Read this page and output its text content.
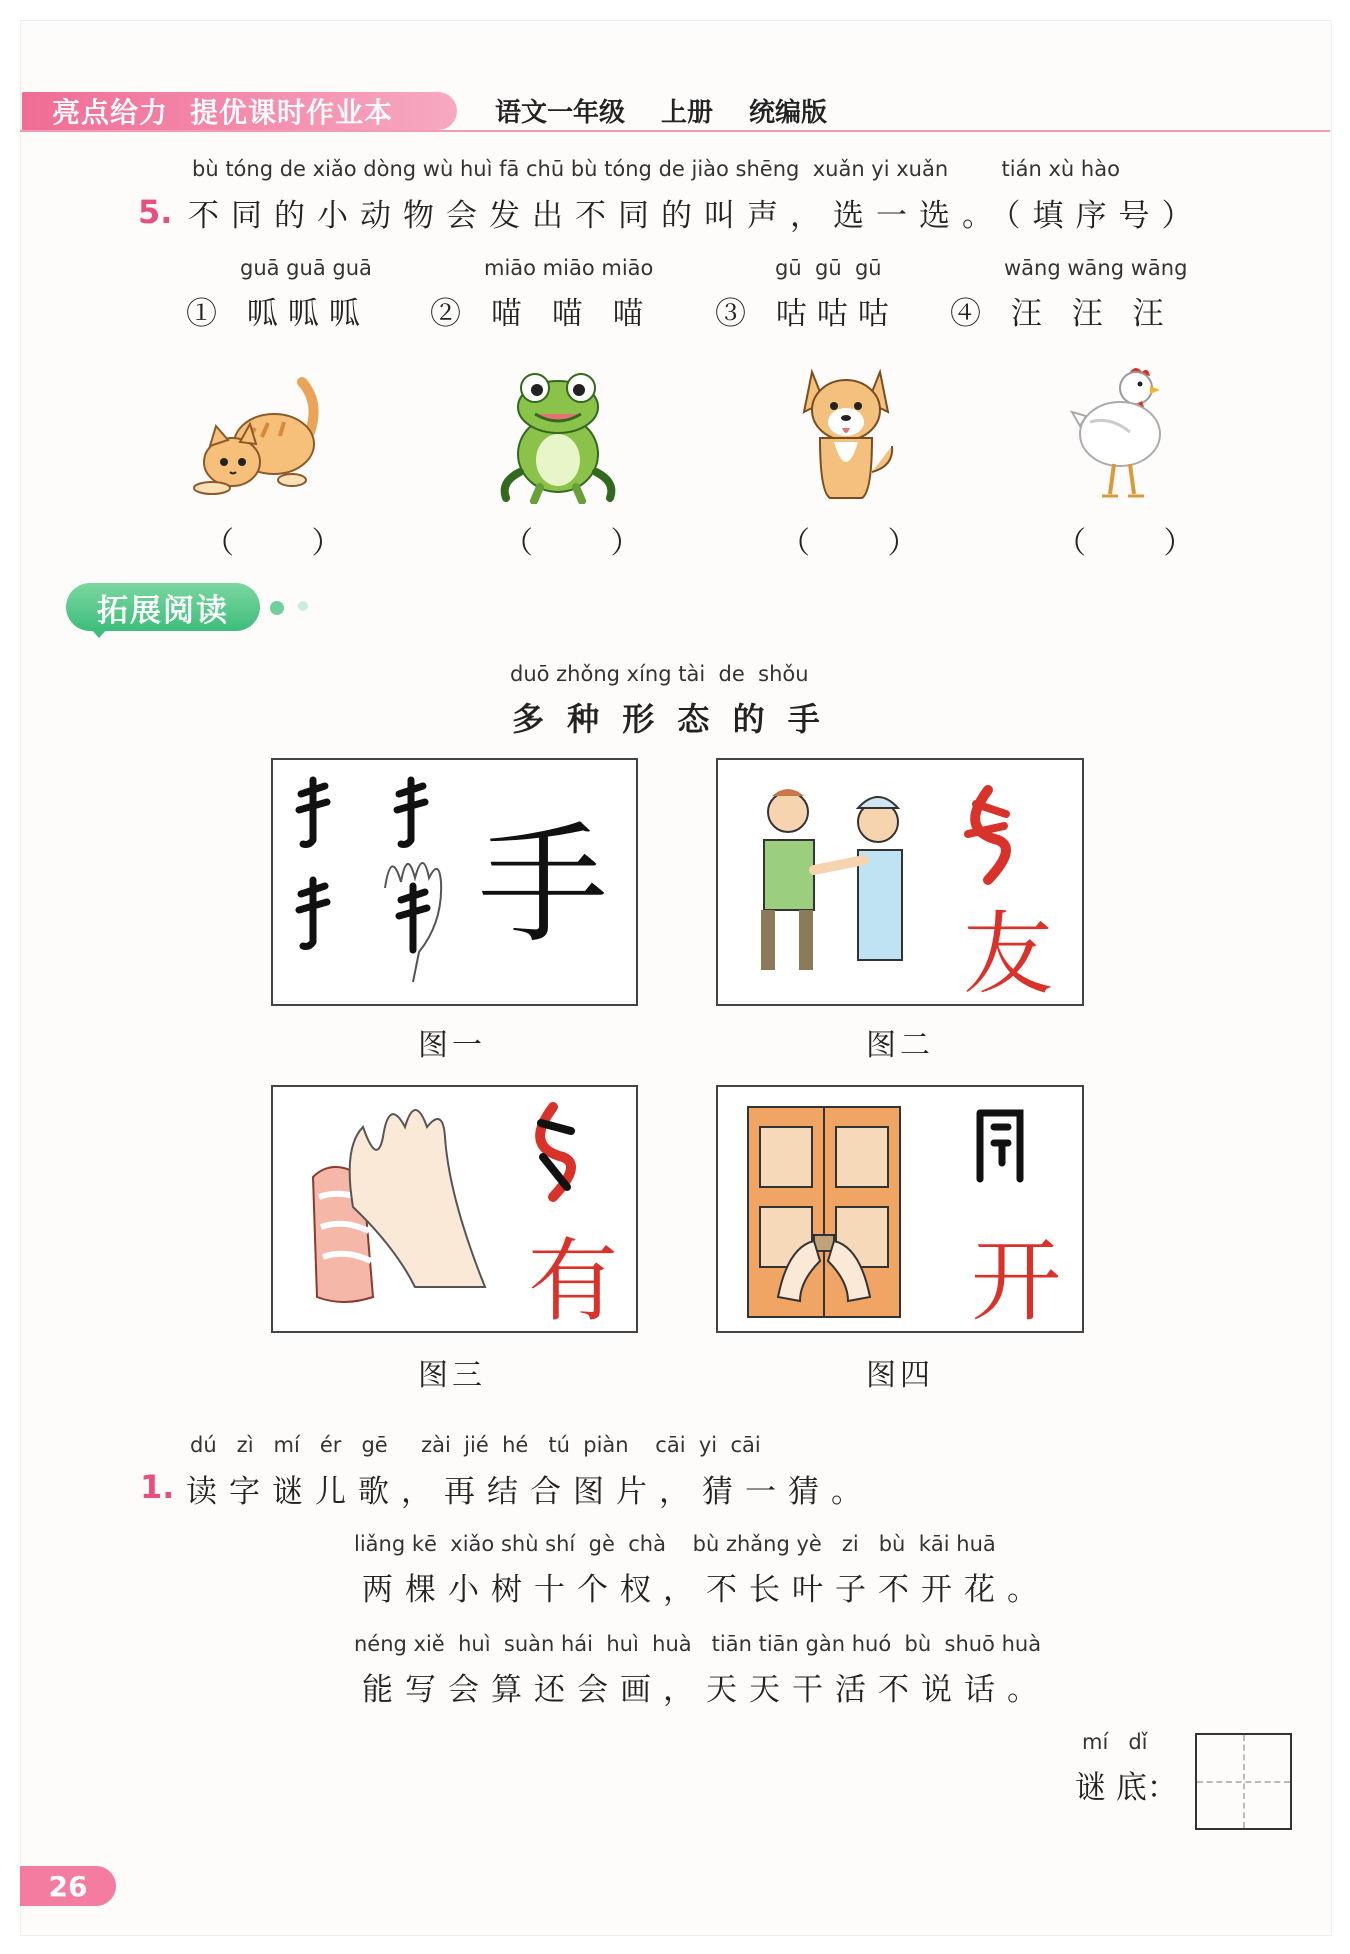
亮点给力 提优课时作业本	语文一年级 上册 统编版
bù tóng de xiǎo dòng wù huì fā chū bù tóng de jiào shēng  xuǎn yi xuǎn        tián xù hào
5. 不同的小动物会发出不同的叫声，选一选。（填序号）
guā guā guā
① 呱呱呱
miāo miāo miāo
② 喵 喵 喵
gū  gū  gū
③ 咕咕咕
wāng wāng wāng
④ 汪 汪 汪
（ ）	（ ）	（ ）	（ ）
拓展阅读
duō zhǒng xíng tài  de  shǒu
多 种 形 态 的 手
手
图一
友
图二
有
图三
开
图四
dú   zì   mí   ér   gē     zài  jié  hé   tú  piàn    cāi  yi  cāi
1. 读字谜儿歌，再结合图片，猜一猜。
liǎng kē  xiǎo shù shí  gè  chà    bù zhǎng yè   zi   bù  kāi huā
两棵小树十个杈，不长叶子不开花。
néng xiě  huì  suàn hái  huì  huà   tiān tiān gàn huó  bù  shuō huà
能写会算还会画，天天干活不说话。
mí   dǐ
谜 底：
26
